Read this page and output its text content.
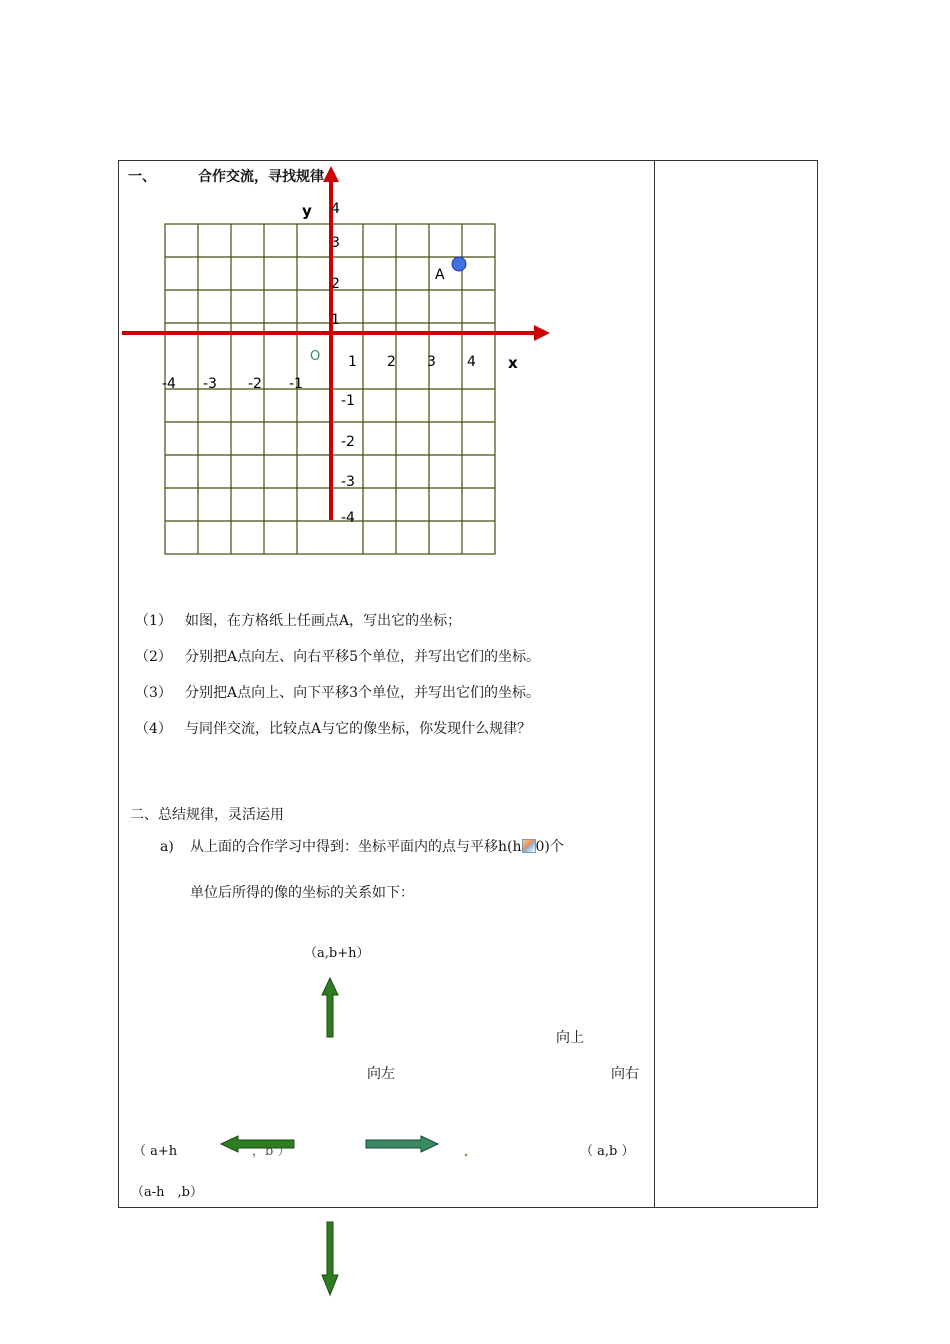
一、	合作交流，寻找规律
y
x
4
3
2
1
-1
-2
-3
-4
1 2 3 4
-4 -3 -2 -1
O
A
（1） 如图，在方格纸上任画点A，写出它的坐标；
（2） 分别把A点向左、向右平移5个单位，并写出它们的坐标。
（3） 分别把A点向上、向下平移3个单位，并写出它们的坐标。
（4） 与同伴交流，比较点A与它的像坐标，你发现什么规律？
二、总结规律，灵活运用
a) 从上面的合作学习中得到：坐标平面内的点与平移h(h 0)个
单位后所得的像的坐标的关系如下：
（a,b+h）
向上
向左	向右
（ a+h	，b ）	（ a,b ）
（a-h　,b）
